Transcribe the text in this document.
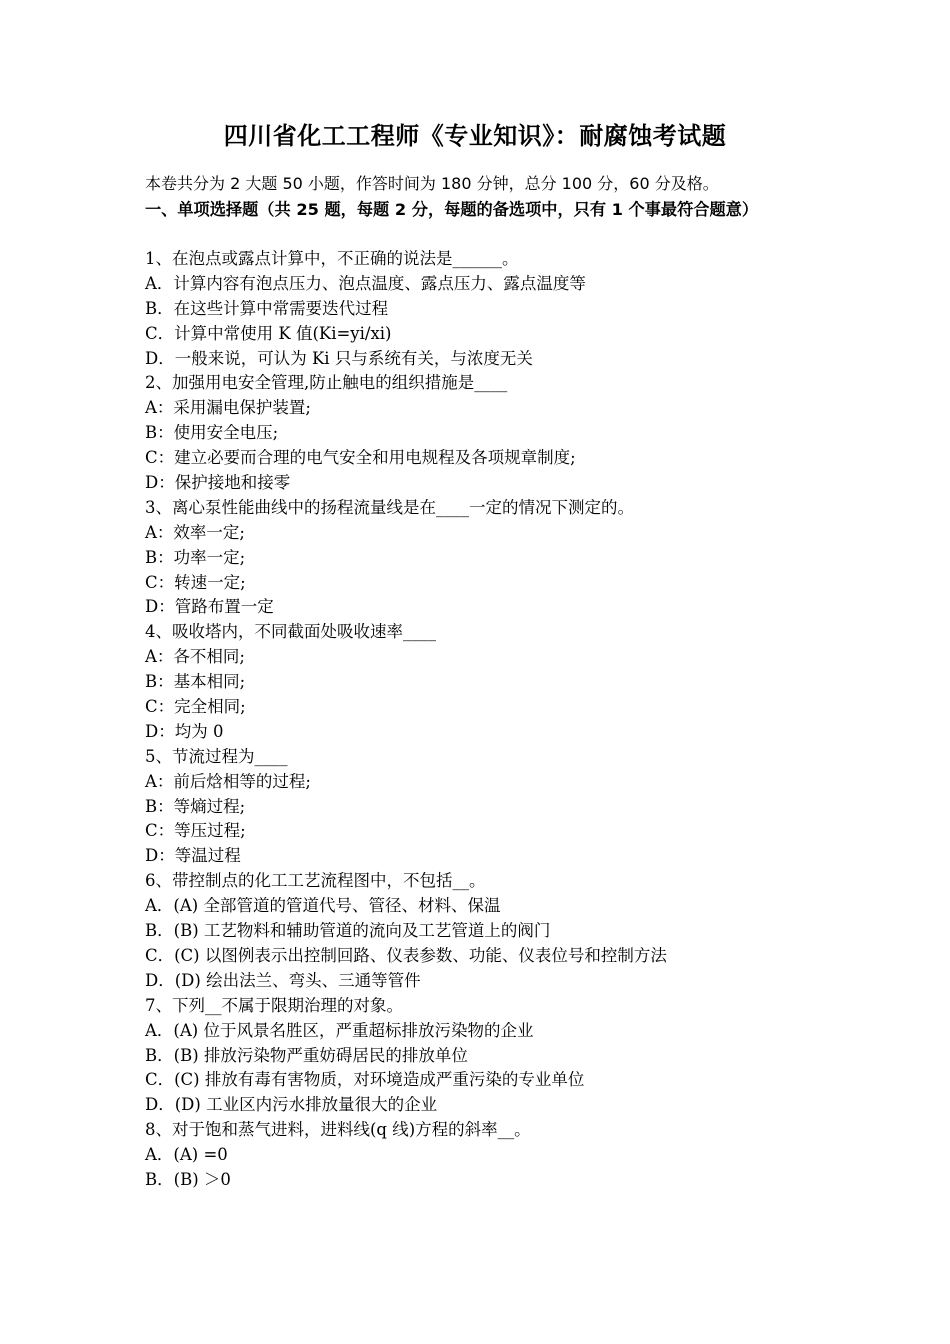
四川省化工工程师《专业知识》：耐腐蚀考试题
本卷共分为 2 大题 50 小题，作答时间为 180 分钟，总分 100 分，60 分及格。
一、单项选择题（共 25 题，每题 2 分，每题的备选项中，只有 1 个事最符合题意）
1、在泡点或露点计算中，不正确的说法是______。
A．计算内容有泡点压力、泡点温度、露点压力、露点温度等
B．在这些计算中常需要迭代过程
C．计算中常使用 K 值(Ki=yi/xi)
D．一般来说，可认为 Ki 只与系统有关，与浓度无关
2、加强用电安全管理,防止触电的组织措施是____
A：采用漏电保护装置;
B：使用安全电压;
C：建立必要而合理的电气安全和用电规程及各项规章制度;
D：保护接地和接零
3、离心泵性能曲线中的扬程流量线是在____一定的情况下测定的。
A：效率一定;
B：功率一定;
C：转速一定;
D：管路布置一定
4、吸收塔内，不同截面处吸收速率____
A：各不相同;
B：基本相同;
C：完全相同;
D：均为 0
5、节流过程为____
A：前后焓相等的过程;
B：等熵过程;
C：等压过程;
D：等温过程
6、带控制点的化工工艺流程图中，不包括__。
A．(A) 全部管道的管道代号、管径、材料、保温
B．(B) 工艺物料和辅助管道的流向及工艺管道上的阀门
C．(C) 以图例表示出控制回路、仪表参数、功能、仪表位号和控制方法
D．(D) 绘出法兰、弯头、三通等管件
7、下列__不属于限期治理的对象。
A．(A) 位于风景名胜区，严重超标排放污染物的企业
B．(B) 排放污染物严重妨碍居民的排放单位
C．(C) 排放有毒有害物质，对环境造成严重污染的专业单位
D．(D) 工业区内污水排放量很大的企业
8、对于饱和蒸气进料，进料线(q 线)方程的斜率__。
A．(A) =0
B．(B) ＞0
